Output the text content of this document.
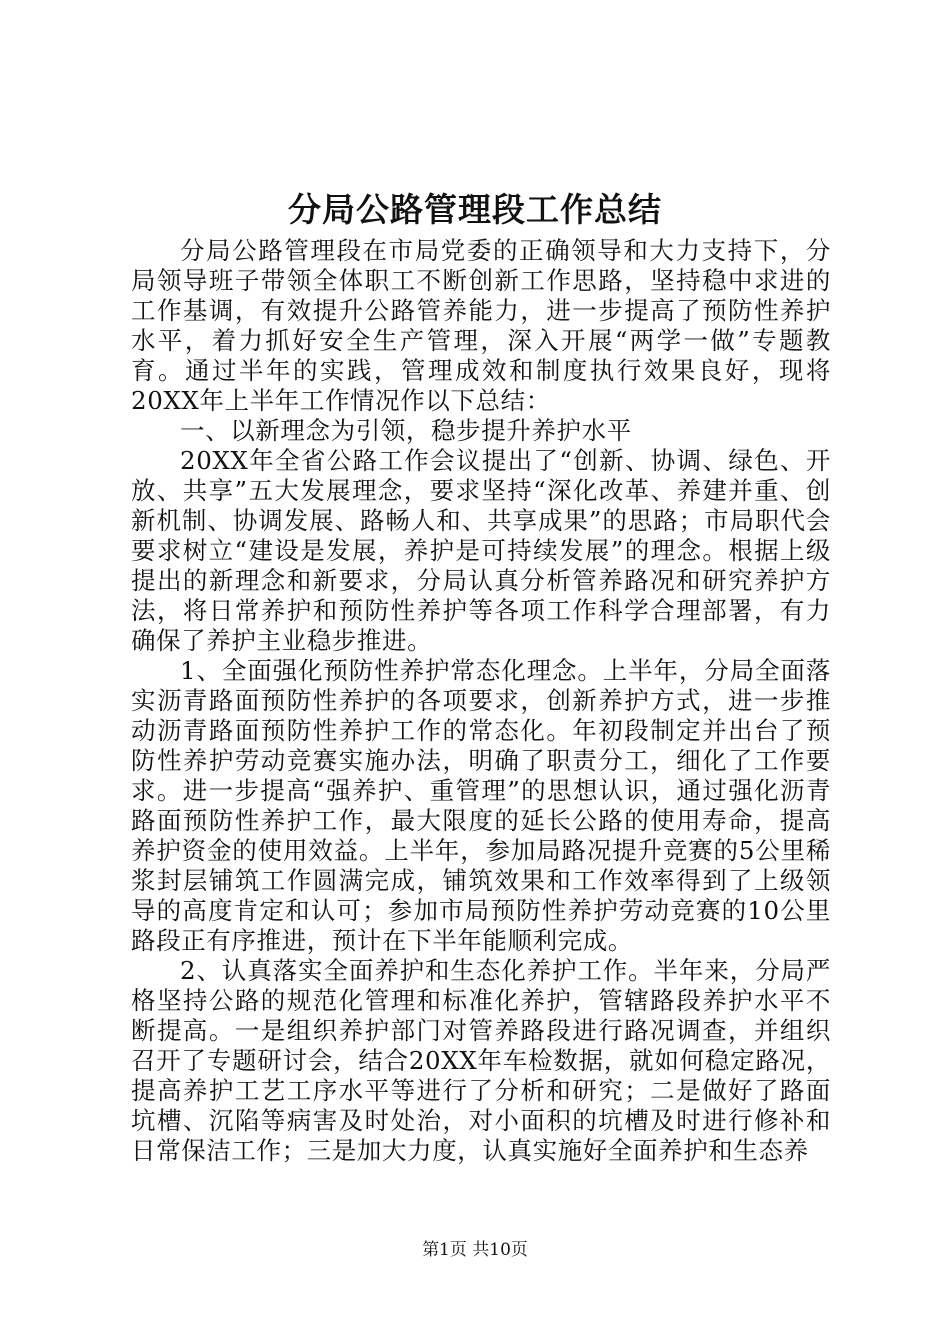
分局公路管理段工作总结

分局公路管理段在市局党委的正确领导和大力支持下，分局领导班子带领全体职工不断创新工作思路，坚持稳中求进的工作基调，有效提升公路管养能力，进一步提高了预防性养护水平，着力抓好安全生产管理，深入开展“两学一做”专题教育。通过半年的实践，管理成效和制度执行效果良好，现将20XX年上半年工作情况作以下总结：

一、以新理念为引领，稳步提升养护水平

20XX年全省公路工作会议提出了“创新、协调、绿色、开放、共享”五大发展理念，要求坚持“深化改革、养建并重、创新机制、协调发展、路畅人和、共享成果”的思路；市局职代会要求树立“建设是发展，养护是可持续发展”的理念。根据上级提出的新理念和新要求，分局认真分析管养路况和研究养护方法，将日常养护和预防性养护等各项工作科学合理部署，有力确保了养护主业稳步推进。

1、全面强化预防性养护常态化理念。上半年，分局全面落实沥青路面预防性养护的各项要求，创新养护方式，进一步推动沥青路面预防性养护工作的常态化。年初段制定并出台了预防性养护劳动竞赛实施办法，明确了职责分工，细化了工作要求。进一步提高“强养护、重管理”的思想认识，通过强化沥青路面预防性养护工作，最大限度的延长公路的使用寿命，提高养护资金的使用效益。上半年，参加局路况提升竞赛的5公里稀浆封层铺筑工作圆满完成，铺筑效果和工作效率得到了上级领导的高度肯定和认可；参加市局预防性养护劳动竞赛的10公里路段正有序推进，预计在下半年能顺利完成。

2、认真落实全面养护和生态化养护工作。半年来，分局严格坚持公路的规范化管理和标准化养护，管辖路段养护水平不断提高。一是组织养护部门对管养路段进行路况调查，并组织召开了专题研讨会，结合20XX年车检数据，就如何稳定路况，提高养护工艺工序水平等进行了分析和研究；二是做好了路面坑槽、沉陷等病害及时处治，对小面积的坑槽及时进行修补和日常保洁工作；三是加大力度，认真实施好全面养护和生态养

第1页 共10页
